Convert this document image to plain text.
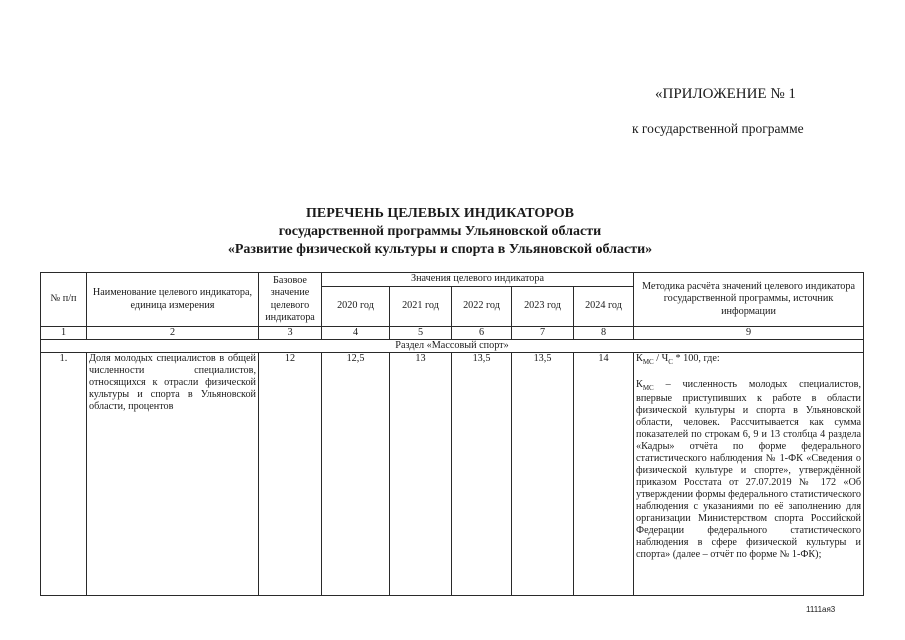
«ПРИЛОЖЕНИЕ № 1
к государственной программе
ПЕРЕЧЕНЬ ЦЕЛЕВЫХ ИНДИКАТОРОВ
государственной программы Ульяновской области
«Развитие физической культуры и спорта в Ульяновской области»
№ п/п	Наименование целевого индикатора, единица измерения	Базовое значение целевого индикатора	Значения целевого индикатора					Методика расчёта значений целевого индикатора государственной программы, источник информации
			2020 год	2021 год	2022 год	2023 год	2024 год	
1	2	3	4	5	6	7	8	9
Раздел «Массовый спорт»								
1.	Доля молодых специалистов в общей численности специалистов, относящихся к отрасли физической культуры и спорта в Ульяновской области, процентов	12	12,5	13	13,5	13,5	14	$К_{МС} / Ч_С * 100$, где:

$К_{МС}$ – численность молодых специалистов, впервые приступивших к работе в области физической культуры и спорта в Ульяновской области, человек. Рассчитывается как сумма показателей по строкам 6, 9 и 13 столбца 4 раздела «Кадры» отчёта по форме федерального статистического наблюдения № 1-ФК «Сведения о физической культуре и спорте», утверждённой приказом Росстата от 27.07.2019 № 172 «Об утверждении формы федерального статистического наблюдения с указаниями по её заполнению для организации Министерством спорта Российской Федерации федерального статистического наблюдения в сфере физической культуры и спорта» (далее – отчёт по форме № 1-ФК);

1111ая3
